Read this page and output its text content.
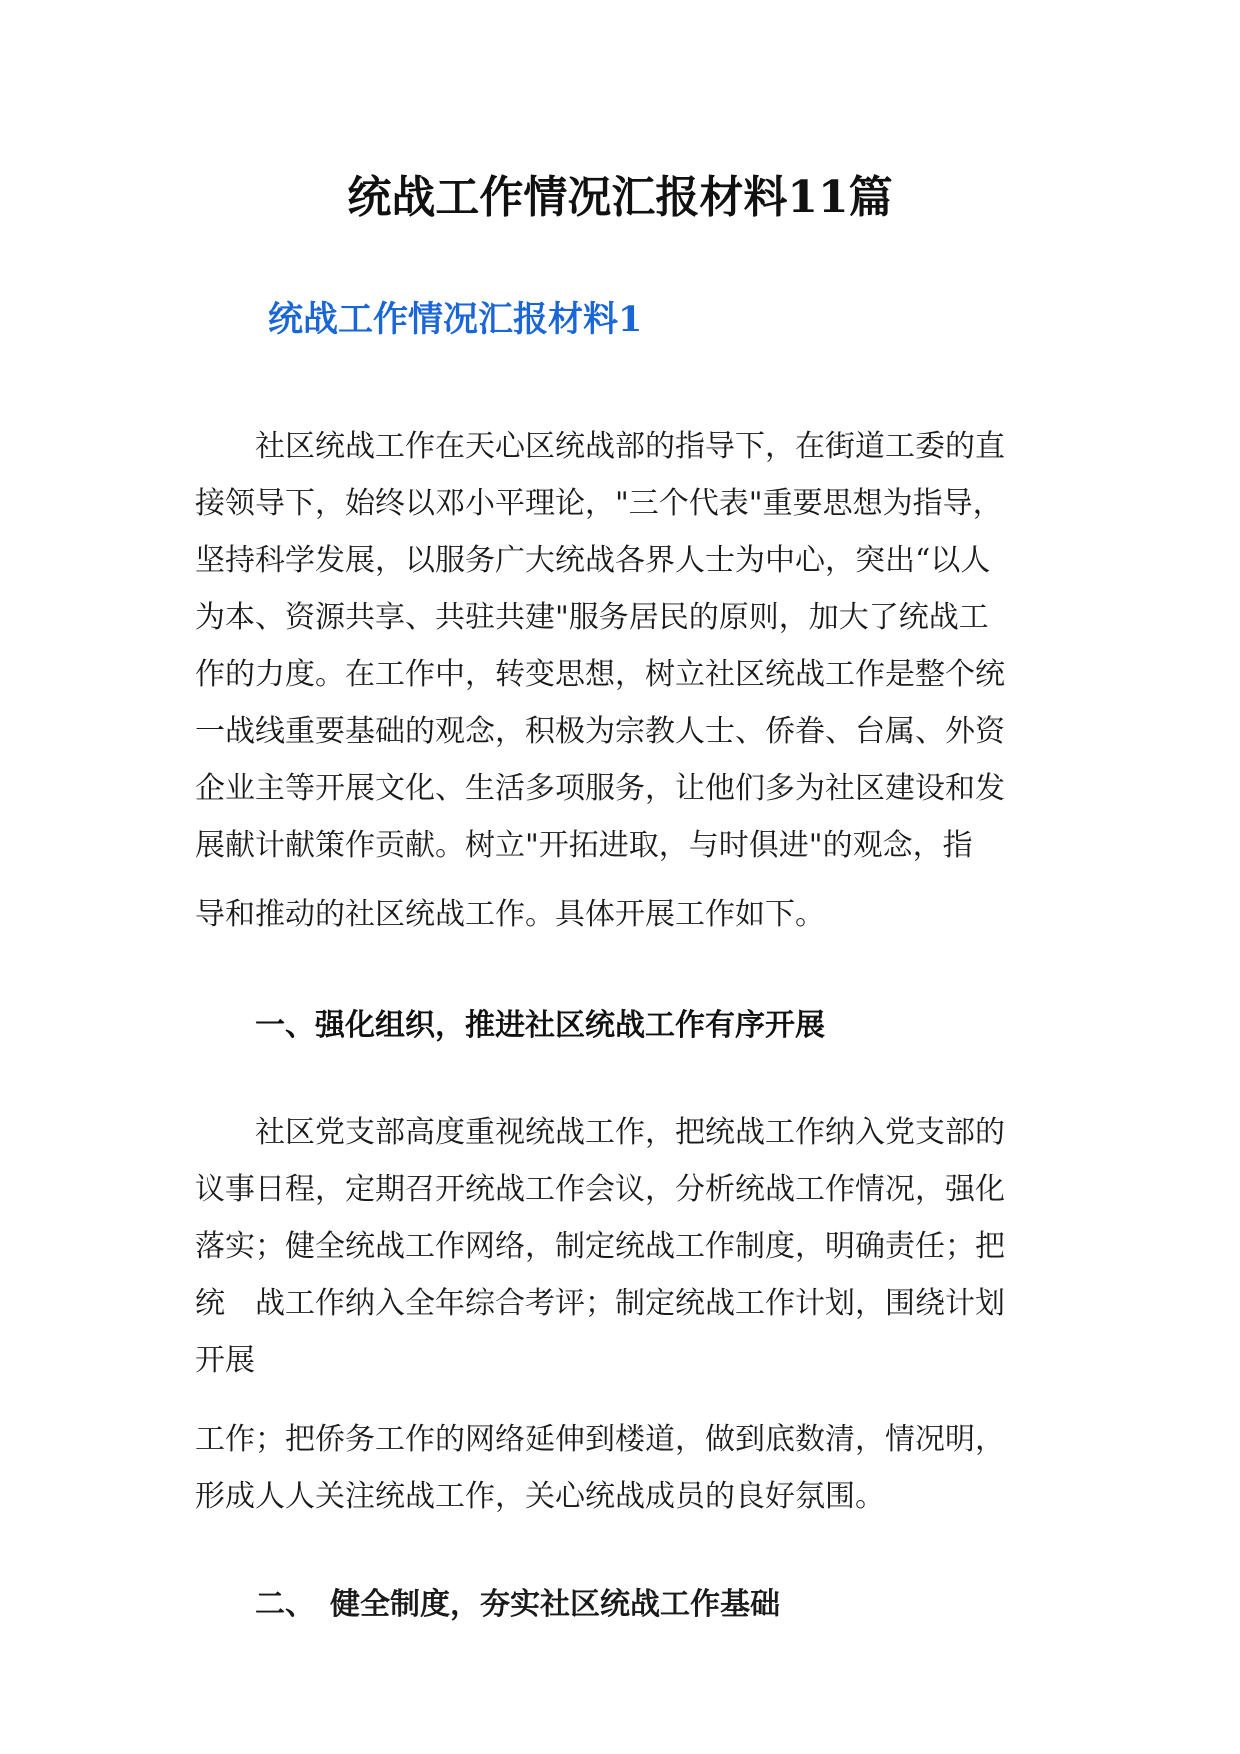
统战工作情况汇报材料11篇
统战工作情况汇报材料1
　　社区统战工作在天心区统战部的指导下，在街道工委的直
接领导下，始终以邓小平理论，"三个代表"重要思想为指导，
坚持科学发展，以服务广大统战各界人士为中心，突出“以人
为本、资源共享、共驻共建"服务居民的原则，加大了统战工
作的力度。在工作中，转变思想，树立社区统战工作是整个统
一战线重要基础的观念，积极为宗教人士、侨眷、台属、外资
企业主等开展文化、生活多项服务，让他们多为社区建设和发
展献计献策作贡献。树立"开拓进取，与时俱进"的观念，指
导和推动的社区统战工作。具体开展工作如下。
一、强化组织，推进社区统战工作有序开展
　　社区党支部高度重视统战工作，把统战工作纳入党支部的
议事日程，定期召开统战工作会议，分析统战工作情况，强化
落实；健全统战工作网络，制定统战工作制度，明确责任；把
统　战工作纳入全年综合考评；制定统战工作计划，围绕计划
开展
工作；把侨务工作的网络延伸到楼道，做到底数清，情况明，
形成人人关注统战工作，关心统战成员的良好氛围。
二、　健全制度，夯实社区统战工作基础
